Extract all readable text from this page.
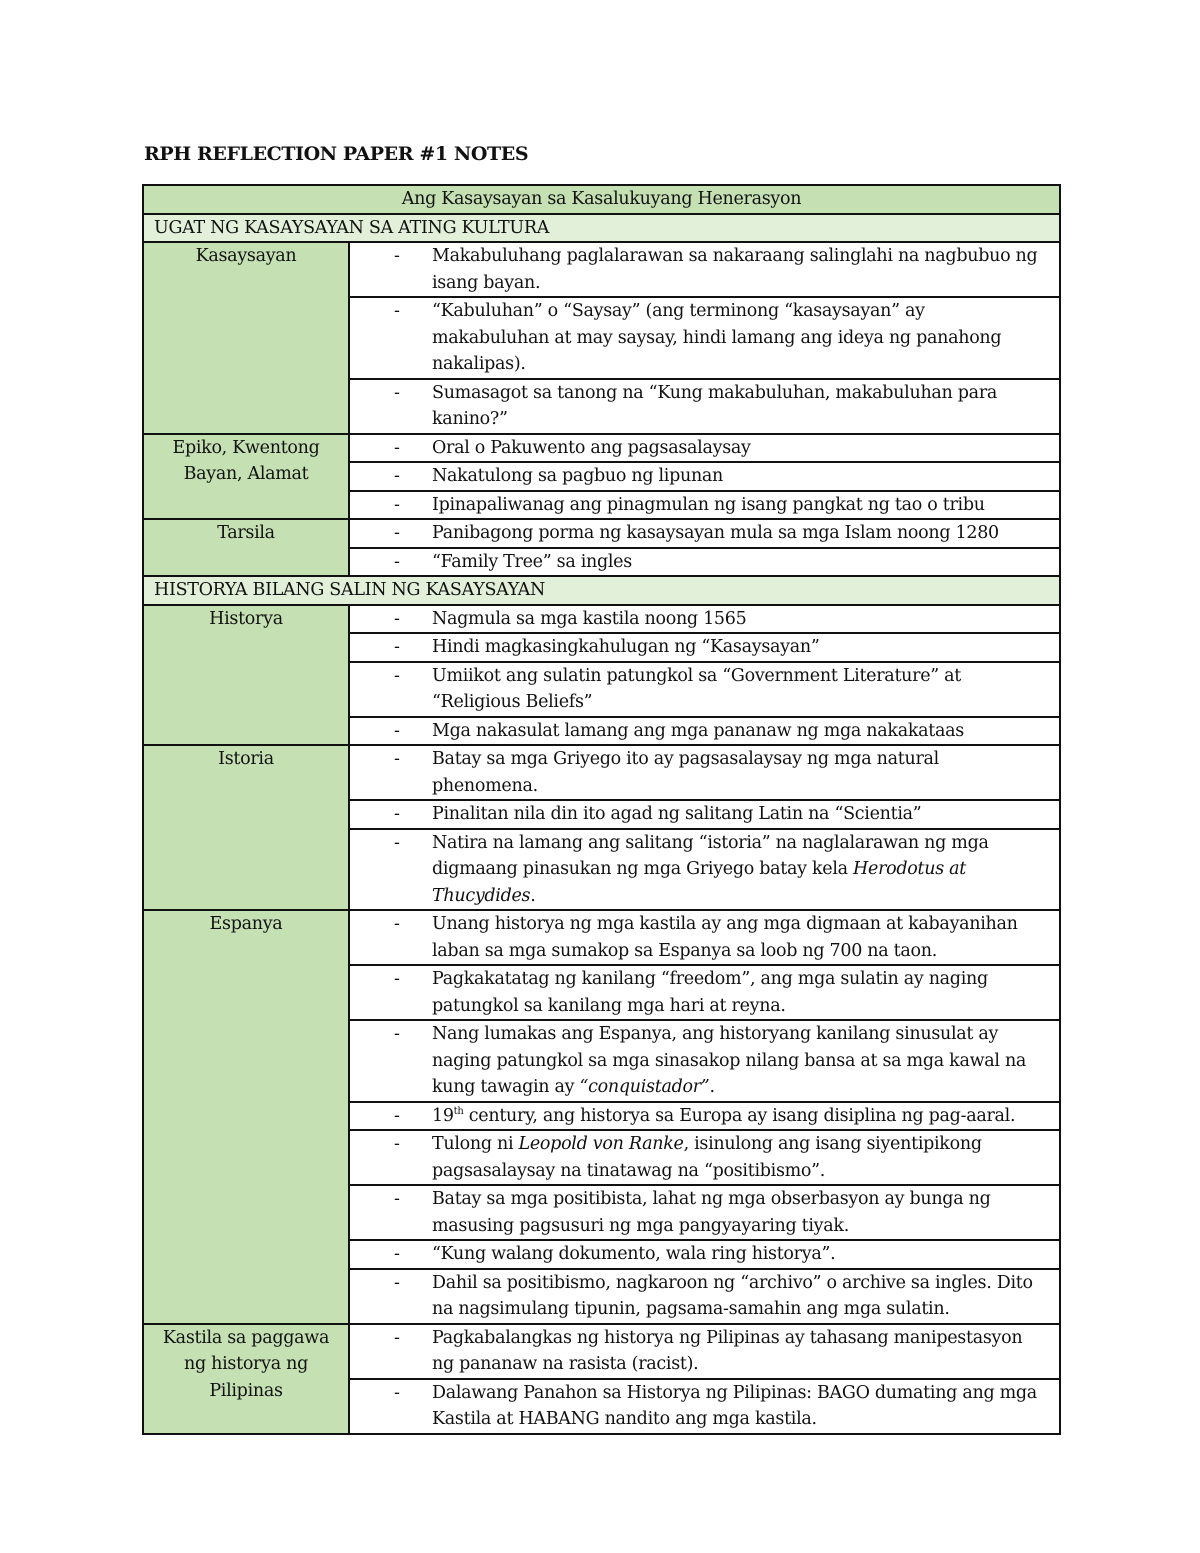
RPH REFLECTION PAPER #1 NOTES
Ang Kasaysayan sa Kasalukuyang Henerasyon	
UGAT NG KASAYSAYAN SA ATING KULTURA	
Kasaysayan	- Makabuluhang paglalarawan sa nakaraang salinglahi na nagbubuo ng isang bayan.

	- “Kabuluhan” o “Saysay” (ang terminong “kasaysayan” ay makabuluhan at may saysay, hindi lamang ang ideya ng panahong nakalipas).

	- Sumasagot sa tanong na “Kung makabuluhan, makabuluhan para kanino?”

Epiko, Kwentong Bayan, Alamat	- Oral o Pakuwento ang pagsasalaysay

	- Nakatulong sa pagbuo ng lipunan

	- Ipinapaliwanag ang pinagmulan ng isang pangkat ng tao o tribu

Tarsila	- Panibagong porma ng kasaysayan mula sa mga Islam noong 1280

	- “Family Tree” sa ingles

HISTORYA BILANG SALIN NG KASAYSAYAN	
Historya	- Nagmula sa mga kastila noong 1565

	- Hindi magkasingkahulugan ng “Kasaysayan”

	- Umiikot ang sulatin patungkol sa “Government Literature” at “Religious Beliefs”

	- Mga nakasulat lamang ang mga pananaw ng mga nakakataas

Istoria	- Batay sa mga Griyego ito ay pagsasalaysay ng mga natural phenomena.

	- Pinalitan nila din ito agad ng salitang Latin na “Scientia”

	- Natira na lamang ang salitang “istoria” na naglalarawan ng mga digmaang pinasukan ng mga Griyego batay kela Herodotus at Thucydides.

Espanya	- Unang historya ng mga kastila ay ang mga digmaan at kabayanihan laban sa mga sumakop sa Espanya sa loob ng 700 na taon.

	- Pagkakatatag ng kanilang “freedom”, ang mga sulatin ay naging patungkol sa kanilang mga hari at reyna.

	- Nang lumakas ang Espanya, ang historyang kanilang sinusulat ay naging patungkol sa mga sinasakop nilang bansa at sa mga kawal na kung tawagin ay “conquistador”.

	- 19th century, ang historya sa Europa ay isang disiplina ng pag-aaral.

	- Tulong ni Leopold von Ranke, isinulong ang isang siyentipikong pagsasalaysay na tinatawag na “positibismo”.

	- Batay sa mga positibista, lahat ng mga obserbasyon ay bunga ng masusing pagsusuri ng mga pangyayaring tiyak.

	- “Kung walang dokumento, wala ring historya”.

	- Dahil sa positibismo, nagkaroon ng “archivo” o archive sa ingles. Dito na nagsimulang tipunin, pagsama-samahin ang mga sulatin.

Kastila sa paggawa ng historya ng Pilipinas	- Pagkabalangkas ng historya ng Pilipinas ay tahasang manipestasyon ng pananaw na rasista (racist).

	- Dalawang Panahon sa Historya ng Pilipinas: BAGO dumating ang mga Kastila at HABANG nandito ang mga kastila.
